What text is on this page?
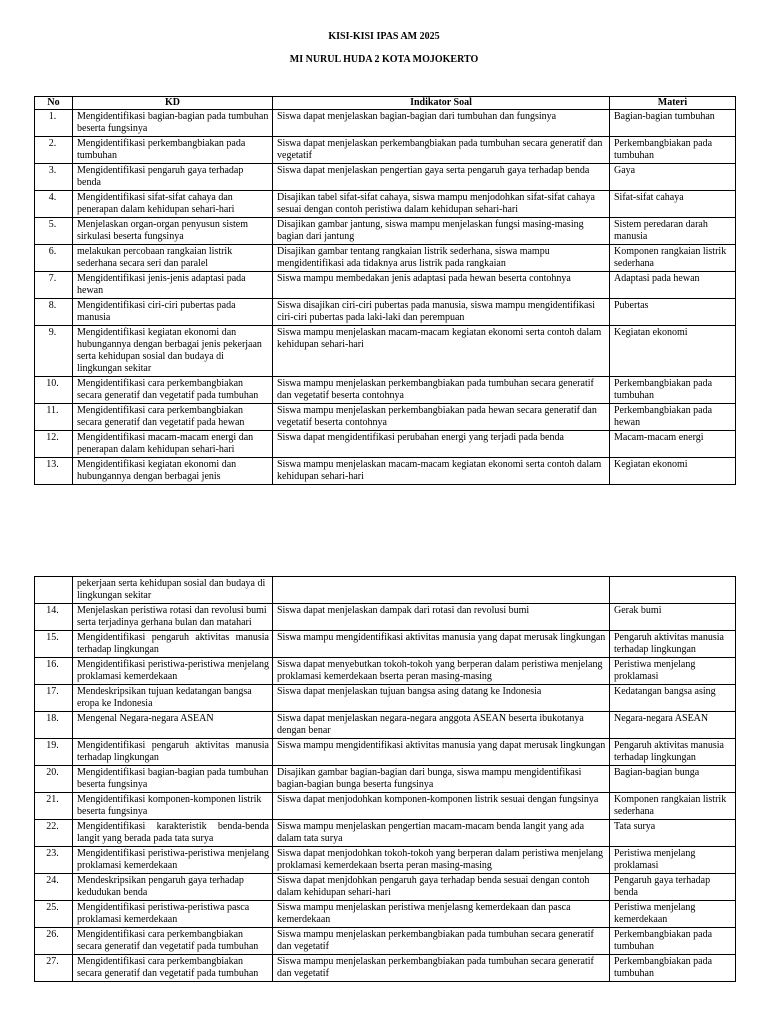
KISI-KISI IPAS AM 2025
MI NURUL HUDA 2 KOTA MOJOKERTO
No	KD	Indikator Soal	Materi
1.	Mengidentifikasi bagian-bagian pada tumbuhan beserta fungsinya	Siswa dapat menjelaskan bagian-bagian dari tumbuhan dan fungsinya	Bagian-bagian tumbuhan
2.	Mengidentifikasi perkembangbiakan pada tumbuhan	Siswa dapat menjelaskan perkembangbiakan pada tumbuhan secara generatif dan vegetatif	Perkembangbiakan pada tumbuhan
3.	Mengidentifikasi pengaruh gaya terhadap benda	Siswa dapat menjelaskan pengertian gaya serta pengaruh gaya terhadap benda	Gaya
4.	Mengidentifikasi sifat-sifat cahaya dan penerapan dalam kehidupan sehari-hari	Disajikan tabel sifat-sifat cahaya, siswa mampu menjodohkan sifat-sifat cahaya sesuai dengan contoh peristiwa dalam kehidupan sehari-hari	Sifat-sifat cahaya
5.	Menjelaskan organ-organ penyusun sistem sirkulasi beserta fungsinya	Disajikan gambar jantung, siswa mampu menjelaskan fungsi masing-masing bagian dari jantung	Sistem peredaran darah manusia
6.	melakukan percobaan rangkaian listrik sederhana secara seri dan paralel	Disajikan gambar tentang rangkaian listrik sederhana, siswa mampu mengidentifikasi ada tidaknya arus listrik pada rangkaian	Komponen rangkaian listrik sederhana
7.	Mengidentifikasi jenis-jenis adaptasi pada hewan	Siswa mampu membedakan jenis adaptasi pada hewan beserta contohnya	Adaptasi pada hewan
8.	Mengidentifikasi ciri-ciri pubertas pada manusia	Siswa disajikan ciri-ciri pubertas pada manusia, siswa mampu mengidentifikasi ciri-ciri pubertas pada laki-laki dan perempuan	Pubertas
9.	Mengidentifikasi kegiatan ekonomi dan hubungannya dengan berbagai jenis pekerjaan serta kehidupan sosial dan budaya di lingkungan sekitar	Siswa mampu menjelaskan macam-macam kegiatan ekonomi serta contoh dalam kehidupan sehari-hari	Kegiatan ekonomi
10.	Mengidentifikasi cara perkembangbiakan secara generatif dan vegetatif pada tumbuhan	Siswa mampu menjelaskan perkembangbiakan pada tumbuhan secara generatif dan vegetatif beserta contohnya	Perkembangbiakan pada tumbuhan
11.	Mengidentifikasi cara perkembangbiakan secara generatif dan vegetatif pada hewan	Siswa mampu menjelaskan perkembangbiakan pada hewan secara generatif dan vegetatif beserta contohnya	Perkembangbiakan pada hewan
12.	Mengidentifikasi macam-macam energi dan penerapan dalam kehidupan sehari-hari	Siswa dapat mengidentifikasi perubahan energi yang terjadi pada benda	Macam-macam energi
13.	Mengidentifikasi kegiatan ekonomi dan hubungannya dengan berbagai jenis	Siswa mampu menjelaskan macam-macam kegiatan ekonomi serta contoh dalam kehidupan sehari-hari	Kegiatan ekonomi
	pekerjaan serta kehidupan sosial dan budaya di lingkungan sekitar		
14.	Menjelaskan peristiwa rotasi dan revolusi bumi serta terjadinya gerhana bulan dan matahari	Siswa dapat menjelaskan dampak dari rotasi dan revolusi bumi	Gerak bumi
15.	Mengidentifikasi pengaruh aktivitas manusia terhadap lingkungan	Siswa mampu mengidentifikasi aktivitas manusia yang dapat merusak lingkungan	Pengaruh aktivitas manusia terhadap lingkungan
16.	Mengidentifikasi peristiwa-peristiwa menjelang proklamasi kemerdekaan	Siswa dapat menyebutkan tokoh-tokoh yang berperan dalam peristiwa menjelang proklamasi kemerdekaan bserta peran masing-masing	Peristiwa menjelang proklamasi
17.	Mendeskripsikan tujuan kedatangan bangsa eropa ke Indonesia	Siswa dapat menjelaskan tujuan bangsa asing datang ke Indonesia	Kedatangan bangsa asing
18.	Mengenal Negara-negara ASEAN	Siswa dapat menjelaskan negara-negara anggota ASEAN beserta ibukotanya dengan benar	Negara-negara ASEAN
19.	Mengidentifikasi pengaruh aktivitas manusia terhadap lingkungan	Siswa mampu mengidentifikasi aktivitas manusia yang dapat merusak lingkungan	Pengaruh aktivitas manusia terhadap lingkungan
20.	Mengidentifikasi bagian-bagian pada tumbuhan beserta fungsinya	Disajikan gambar bagian-bagian dari bunga, siswa mampu mengidentifikasi bagian-bagian bunga beserta fungsinya	Bagian-bagian bunga
21.	Mengidentifikasi komponen-komponen listrik beserta fungsinya	Siswa dapat menjodohkan komponen-komponen listrik sesuai dengan fungsinya	Komponen rangkaian listrik sederhana
22.	Mengidentifikasi karakteristik benda-benda langit yang berada pada tata surya	Siswa mampu menjelaskan pengertian macam-macam benda langit yang ada dalam tata surya	Tata surya
23.	Mengidentifikasi peristiwa-peristiwa menjelang proklamasi kemerdekaan	Siswa dapat menjodohkan tokoh-tokoh yang berperan dalam peristiwa menjelang proklamasi kemerdekaan bserta peran masing-masing	Peristiwa menjelang proklamasi
24.	Mendeskripsikan pengaruh gaya terhadap kedudukan benda	Siswa dapat menjdohkan pengaruh gaya terhadap benda sesuai dengan contoh dalam kehidupan sehari-hari	Pengaruh gaya terhadap benda
25.	Mengidentifikasi peristiwa-peristiwa pasca proklamasi kemerdekaan	Siswa mampu menjelaskan peristiwa menjelasng kemerdekaan dan pasca kemerdekaan	Peristiwa menjelang kemerdekaan
26.	Mengidentifikasi cara perkembangbiakan secara generatif dan vegetatif pada tumbuhan	Siswa mampu menjelaskan perkembangbiakan pada tumbuhan secara generatif dan vegetatif	Perkembangbiakan pada tumbuhan
27.	Mengidentifikasi cara perkembangbiakan secara generatif dan vegetatif pada tumbuhan	Siswa mampu menjelaskan perkembangbiakan pada tumbuhan secara generatif dan vegetatif	Perkembangbiakan pada tumbuhan
